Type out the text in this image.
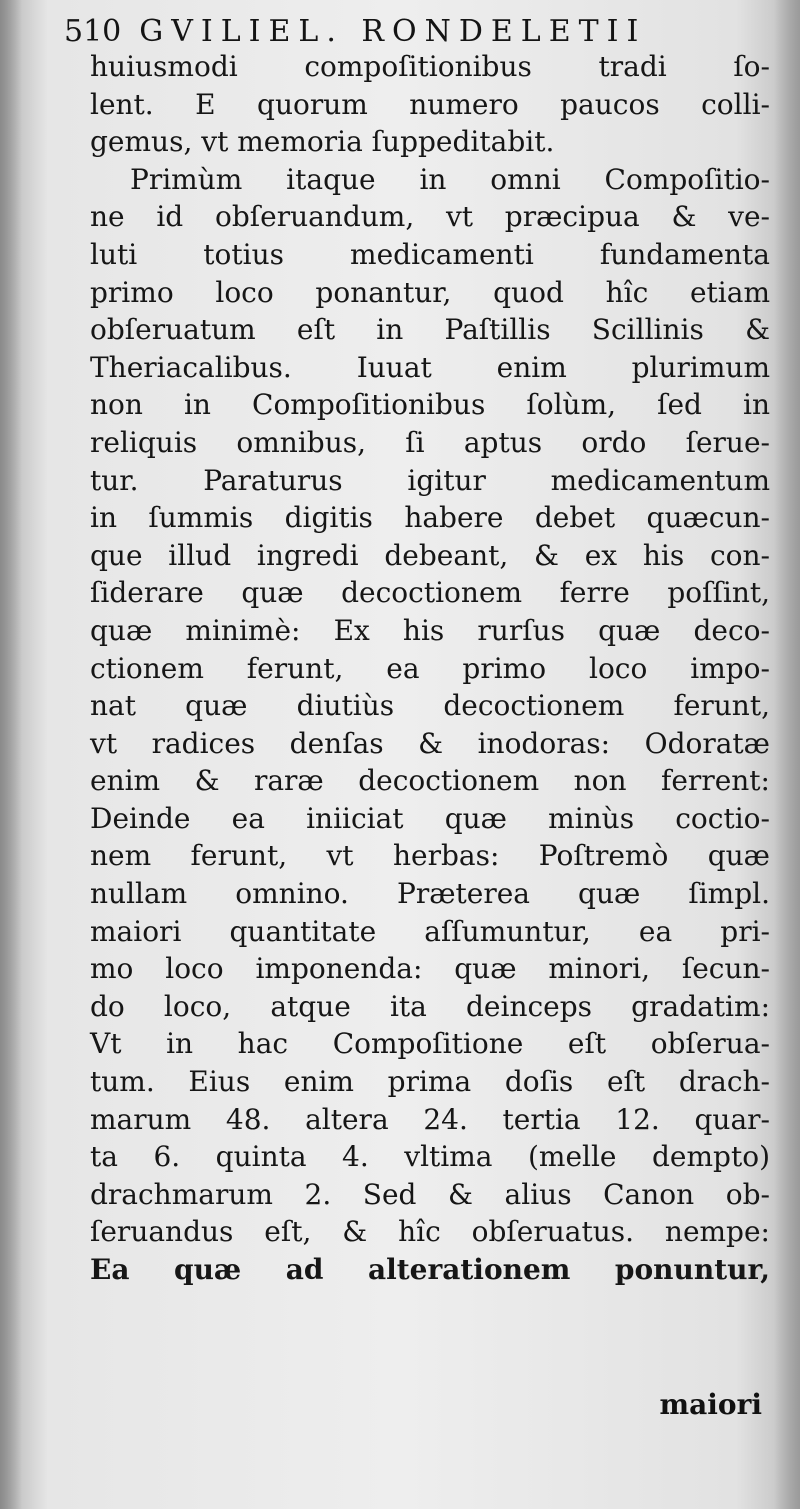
510 GVILIEL. RONDELETII
huiusmodi compoſitionibus tradi ſo-
lent. E quorum numero paucos colli-
gemus, vt memoria ſuppeditabit.
Primùm itaque in omni Compoſitio-
ne id obſeruandum, vt præcipua & ve-
luti totius medicamenti fundamenta
primo loco ponantur, quod hîc etiam
obſeruatum eſt in Paſtillis Scillinis &
Theriacalibus. Iuuat enim plurimum
non in Compoſitionibus ſolùm, ſed in
reliquis omnibus, ſi aptus ordo ſerue-
tur. Paraturus igitur medicamentum
in ſummis digitis habere debet quæcun-
que illud ingredi debeant, & ex his con-
ſiderare quæ decoctionem ferre poſſint,
quæ minimè: Ex his rurſus quæ deco-
ctionem ferunt, ea primo loco impo-
nat quæ diutiùs decoctionem ferunt,
vt radices denſas & inodoras: Odoratæ
enim & raræ decoctionem non ferrent:
Deinde ea iniiciat quæ minùs coctio-
nem ferunt, vt herbas: Poſtremò quæ
nullam omnino. Præterea quæ ſimpl.
maiori quantitate aſſumuntur, ea pri-
mo loco imponenda: quæ minori, ſecun-
do loco, atque ita deinceps gradatim:
Vt in hac Compoſitione eſt obſerua-
tum. Eius enim prima doſis eſt drach-
marum 48. altera 24. tertia 12. quar-
ta 6. quinta 4. vltima (melle dempto)
drachmarum 2. Sed & alius Canon ob-
ſeruandus eſt, & hîc obſeruatus. nempe:
Ea quæ ad alterationem ponuntur,
maiori
